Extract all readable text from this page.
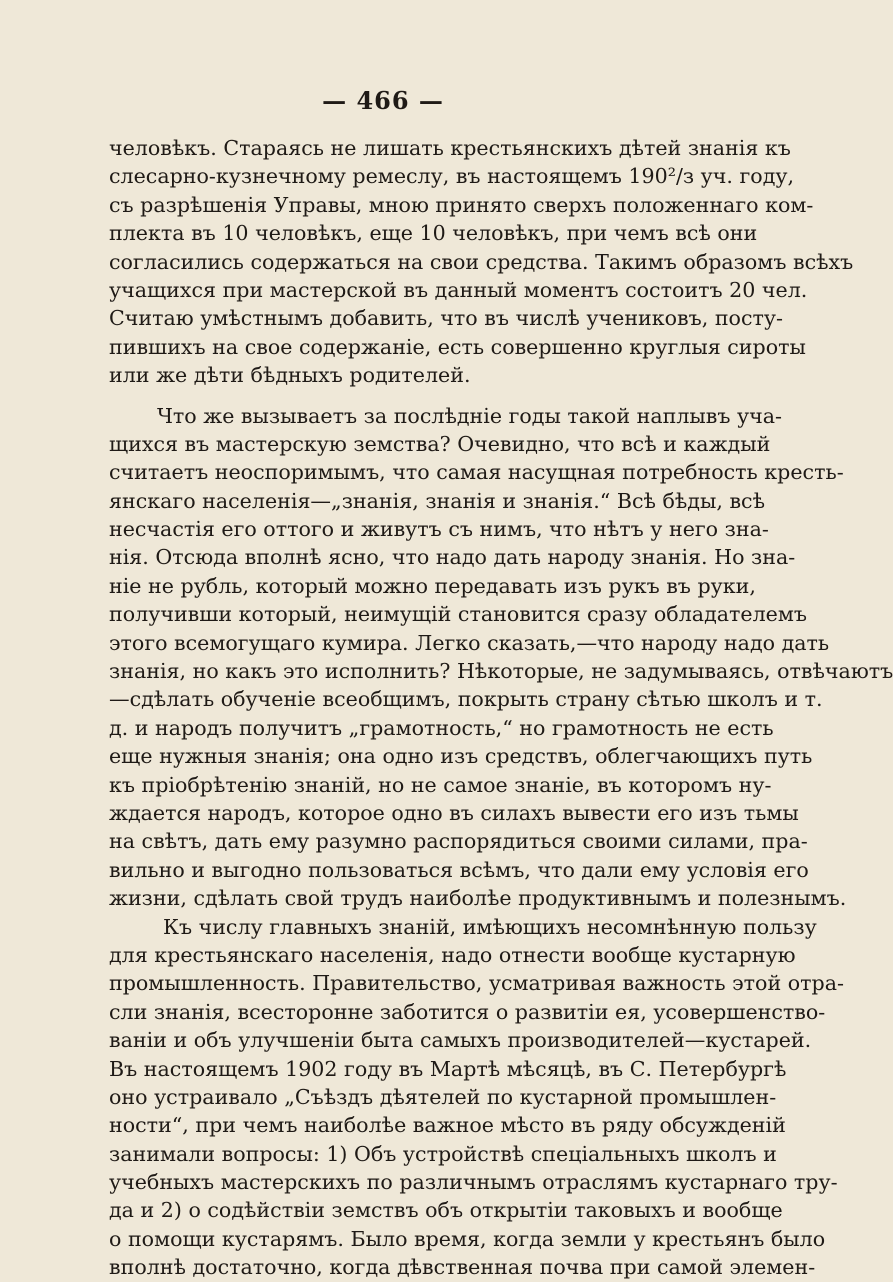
— 466 —
человѣкъ. Стараясь не лишать крестьянскихъ дѣтей знанія къ
слесарно-кузнечному ремеслу, въ настоящемъ 190²/з уч. году,
съ разрѣшенія Управы, мною принято сверхъ положеннаго ком-
плекта въ 10 человѣкъ, еще 10 человѣкъ, при чемъ всѣ они
согласились содержаться на свои средства. Такимъ образомъ всѣхъ
учащихся при мастерской въ данный моментъ состоитъ 20 чел.
Считаю умѣстнымъ добавить, что въ числѣ учениковъ, посту-
пившихъ на свое содержаніе, есть совершенно круглыя сироты
или же дѣти бѣдныхъ родителей.
Что же вызываетъ за послѣдніе годы такой наплывъ уча-
щихся въ мастерскую земства? Очевидно, что всѣ и каждый
считаетъ неоспоримымъ, что самая насущная потребность кресть-
янскаго населенія—„знанія, знанія и знанія.“ Всѣ бѣды, всѣ
несчастія его оттого и живутъ съ нимъ, что нѣтъ у него зна-
нія. Отсюда вполнѣ ясно, что надо дать народу знанія. Но зна-
ніе не рубль, который можно передавать изъ рукъ въ руки,
получивши который, неимущій становится сразу обладателемъ
этого всемогущаго кумира. Легко сказать,—что народу надо дать
знанія, но какъ это исполнить? Нѣкоторые, не задумываясь, отвѣчаютъ
—сдѣлать обученіе всеобщимъ, покрыть страну сѣтью школъ и т.
д. и народъ получитъ „грамотность,“ но грамотность не есть
еще нужныя знанія; она одно изъ средствъ, облегчающихъ путь
къ пріобрѣтенію знаній, но не самое знаніе, въ которомъ ну-
ждается народъ, которое одно въ силахъ вывести его изъ тьмы
на свѣтъ, дать ему разумно распорядиться своими силами, пра-
вильно и выгодно пользоваться всѣмъ, что дали ему условія его
жизни, сдѣлать свой трудъ наиболѣе продуктивнымъ и полезнымъ.
Къ числу главныхъ знаній, имѣющихъ несомнѣнную пользу
для крестьянскаго населенія, надо отнести вообще кустарную
промышленность. Правительство, усматривая важность этой отра-
сли знанія, всестороннe заботится о развитіи ея, усовершенство-
ваніи и объ улучшеніи быта самыхъ производителей—кустарей.
Въ настоящемъ 1902 году въ Мартѣ мѣсяцѣ, въ С. Петербургѣ
оно устраивало „Съѣздъ дѣятелей по кустарной промышлен-
ности“, при чемъ наиболѣе важное мѣсто въ ряду обсужденій
занимали вопросы: 1) Объ устройствѣ спеціальныхъ школъ и
учебныхъ мастерскихъ по различнымъ отраслямъ кустарнаго тру-
да и 2) о содѣйствіи земствъ объ открытіи таковыхъ и вообще
о помощи кустарямъ. Было время, когда земли у крестьянъ было
вполнѣ достаточно, когда дѣвственная почва при самой элемен-
